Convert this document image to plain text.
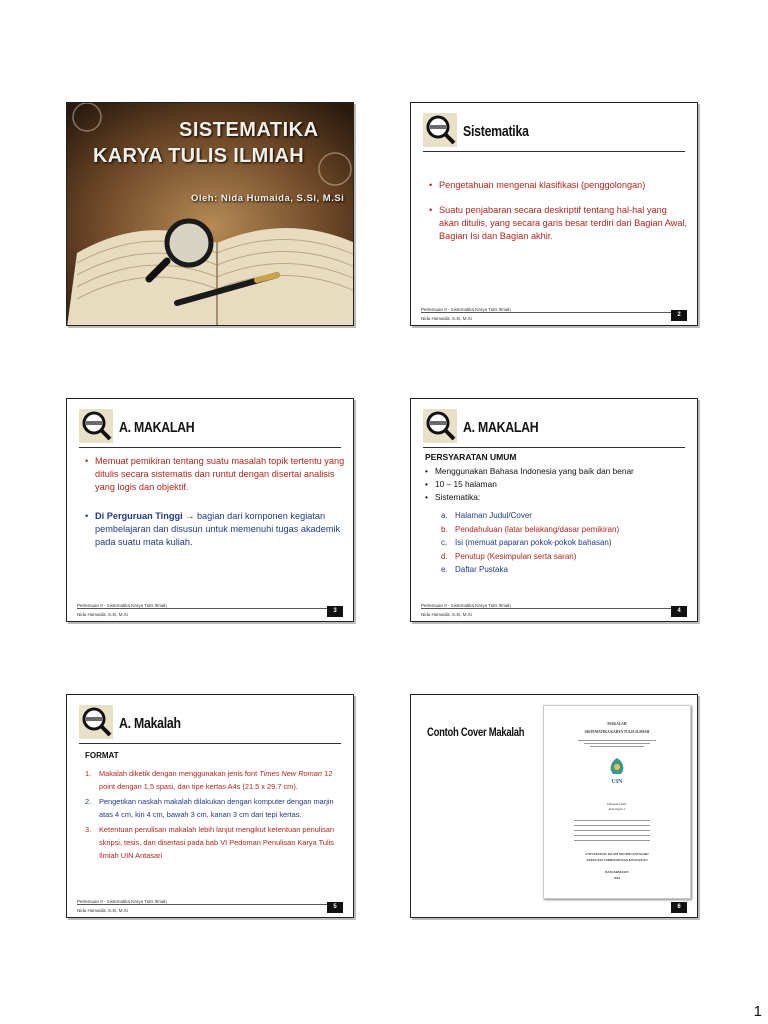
SISTEMATIKA
KARYA TULIS ILMIAH
Oleh: Nida Humaida, S.Si, M.Si
Sistematika
• Pengetahuan mengenai klasifikasi (penggolongan)
• Suatu penjabaran secara deskriptif tentang hal-hal yang akan ditulis, yang secara garis besar terdiri dari Bagian Awal, Bagian Isi dan Bagian akhir.
Pertemuan 9 - Sistematika Karya Tulis Ilmiah
Nida Humaida, S.Si, M.Si
2
A. MAKALAH
• Memuat pemikiran tentang suatu masalah topik tertentu yang ditulis secara sistematis dan runtut dengan disertai analisis yang logis dan objektif.
• Di Perguruan Tinggi → bagian dari komponen kegiatan pembelajaran dan disusun untuk memenuhi tugas akademik pada suatu mata kuliah.
Pertemuan 9 - Sistematika Karya Tulis Ilmiah
Nida Humaida, S.Si, M.Si
3
A. MAKALAH
PERSYARATAN UMUM
• Menggunakan Bahasa Indonesia yang baik dan benar
• 10 – 15 halaman
• Sistematika:
a. Halaman Judul/Cover
b. Pendahuluan (latar belakang/dasar pemikiran)
c. Isi (memuat paparan pokok-pokok bahasan)
d. Penutup (Kesimpulan serta saran)
e. Daftar Pustaka
Pertemuan 9 - Sistematika Karya Tulis Ilmiah
Nida Humaida, S.Si, M.Si
4
A. Makalah
FORMAT
1. Makalah diketik dengan menggunakan jenis font Times New Roman 12 point dengan 1,5 spasi, dan tipe kertas A4s (21.5 x 29.7 cm).
2. Pengetikan naskah makalah dilakukan dengan komputer dengan marjin atas 4 cm, kiri 4 cm, bawah 3 cm, kanan 3 cm dari tepi kertas.
3. Ketentuan penulisan makalah lebih lanjut mengikut ketentuan penulisan skripsi, tesis, dan disertasi pada bab VI Pedoman Penulisan Karya Tulis Ilmiah UIN Antasari
Pertemuan 9 - Sistematika Karya Tulis Ilmiah
Nida Humaida, S.Si, M.Si
5
Contoh Cover Makalah
MAKALAH
SISTEMATIKA KARYA TULIS ILMIAH
UIN
Disusun Oleh:
Kelompok 1
UNIVERSITAS ISLAM NEGERI ANTASARI
FAKULTAS TARBIYAH DAN KEGURUAN
BANJARMASIN
2016
6
1
